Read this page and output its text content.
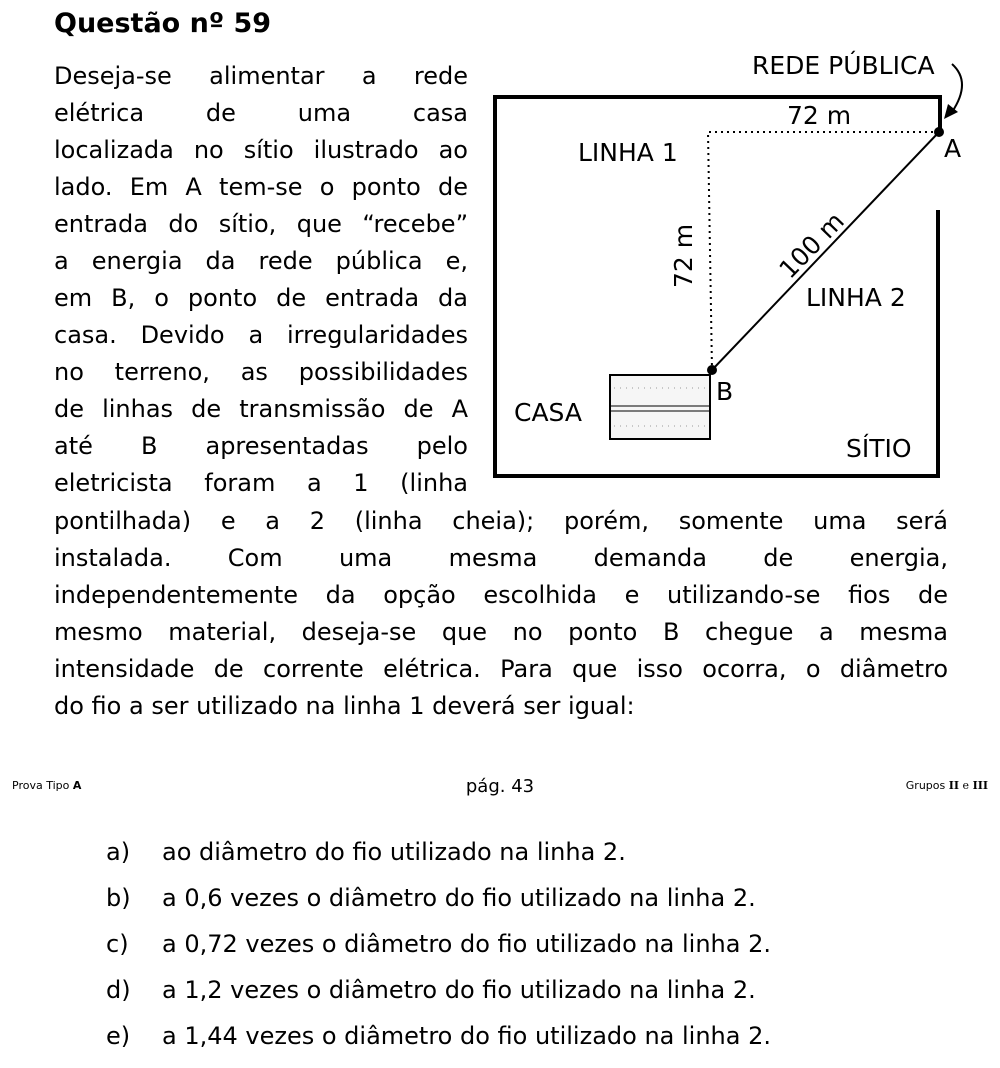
Questão nº 59
Deseja-se alimentar a rede
elétrica de uma casa
localizada no sítio ilustrado ao
lado. Em A tem-se o ponto de
entrada do sítio, que “recebe”
a energia da rede pública e,
em B, o ponto de entrada da
casa. Devido a irregularidades
no terreno, as possibilidades
de linhas de transmissão de A
até B apresentadas pelo
eletricista foram a 1 (linha
pontilhada) e a 2 (linha cheia); porém, somente uma será
instalada. Com uma mesma demanda de energia,
independentemente da opção escolhida e utilizando-se fios de
mesmo material, deseja-se que no ponto B chegue a mesma
intensidade de corrente elétrica. Para que isso ocorra, o diâmetro
do fio a ser utilizado na linha 1 deverá ser igual:
REDE PÚBLICA
72 m
A
LINHA 1
72 m	100 m
LINHA 2
B
CASA
SÍTIO
Prova Tipo A	pág. 43	Grupos II e III
a) ao diâmetro do fio utilizado na linha 2.
b) a 0,6 vezes o diâmetro do fio utilizado na linha 2.
c) a 0,72 vezes o diâmetro do fio utilizado na linha 2.
d) a 1,2 vezes o diâmetro do fio utilizado na linha 2.
e) a 1,44 vezes o diâmetro do fio utilizado na linha 2.
